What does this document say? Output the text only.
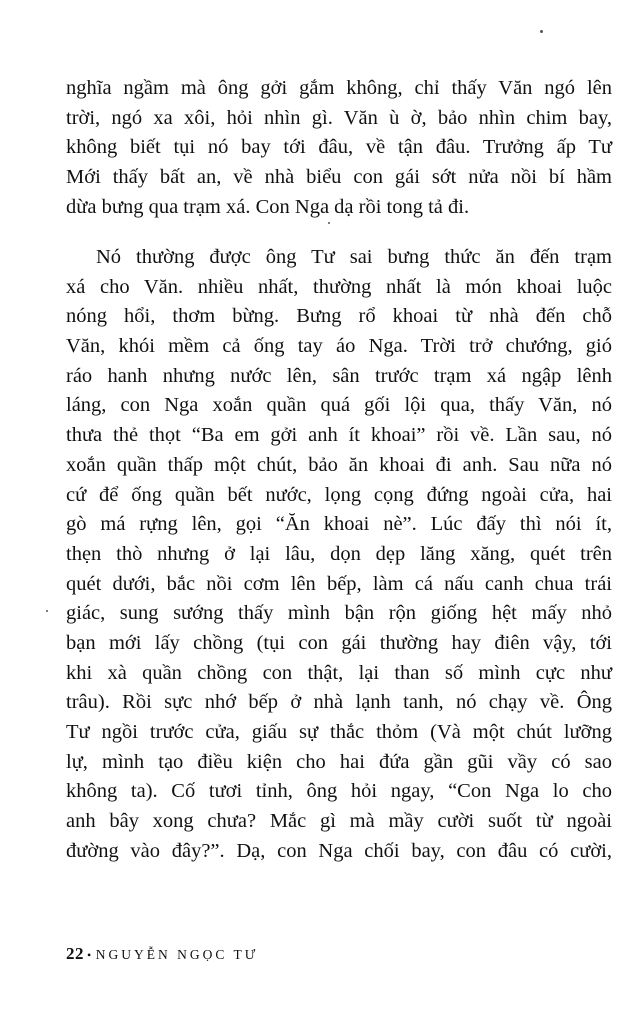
nghĩa ngầm mà ông gởi gắm không, chỉ thấy Văn ngó lên
trời, ngó xa xôi, hỏi nhìn gì. Văn ù ờ, bảo nhìn chim bay,
không biết tụi nó bay tới đâu, về tận đâu. Trưởng ấp Tư
Mới thấy bất an, về nhà biểu con gái sớt nửa nồi bí hầm
dừa bưng qua trạm xá. Con Nga dạ rồi tong tả đi.
Nó thường được ông Tư sai bưng thức ăn đến trạm
xá cho Văn. nhiều nhất, thường nhất là món khoai luộc
nóng hổi, thơm bừng. Bưng rổ khoai từ nhà đến chỗ
Văn, khói mềm cả ống tay áo Nga. Trời trở chướng, gió
ráo hanh nhưng nước lên, sân trước trạm xá ngập lênh
láng, con Nga xoắn quần quá gối lội qua, thấy Văn, nó
thưa thẻ thọt “Ba em gởi anh ít khoai” rồi về. Lần sau, nó
xoắn quần thấp một chút, bảo ăn khoai đi anh. Sau nữa nó
cứ để ống quần bết nước, lọng cọng đứng ngoài cửa, hai
gò má rựng lên, gọi “Ăn khoai nè”. Lúc đấy thì nói ít,
thẹn thò nhưng ở lại lâu, dọn dẹp lăng xăng, quét trên
quét dưới, bắc nồi cơm lên bếp, làm cá nấu canh chua trái
giác, sung sướng thấy mình bận rộn giống hệt mấy nhỏ
bạn mới lấy chồng (tụi con gái thường hay điên vậy, tới
khi xà quần chồng con thật, lại than số mình cực như
trâu). Rồi sực nhớ bếp ở nhà lạnh tanh, nó chạy về. Ông
Tư ngồi trước cửa, giấu sự thắc thỏm (Và một chút lưỡng
lự, mình tạo điều kiện cho hai đứa gần gũi vầy có sao
không ta). Cố tươi tỉnh, ông hỏi ngay, “Con Nga lo cho
anh bây xong chưa? Mắc gì mà mầy cười suốt từ ngoài
đường vào đây?”. Dạ, con Nga chối bay, con đâu có cười,
22 • NGUYỄN NGỌC TƯ
